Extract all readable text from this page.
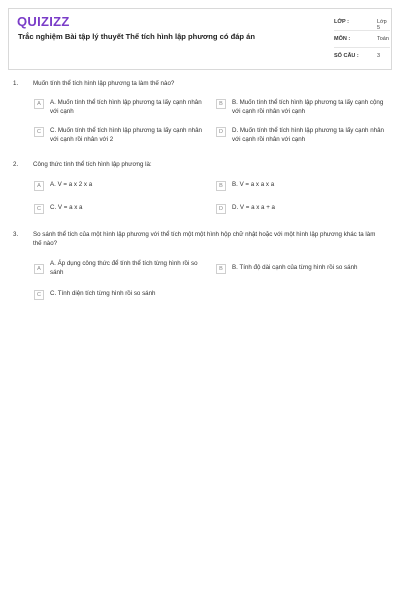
QUIZIZZ
Trắc nghiệm Bài tập lý thuyết Thể tích hình lập phương có đáp án
LỚP :	Lớp 5
MÔN :	Toán
SỐ CÂU :	3
1. Muốn tính thể tích hình lập phương ta làm thế nào?
A	A. Muốn tính thể tích hình lập phương ta lấy cạnh nhân với cạnh
B	B. Muốn tính thể tích hình lập phương ta lấy cạnh cộng với cạnh rồi nhân với cạnh
C	C. Muốn tính thể tích hình lập phương ta lấy cạnh nhân với cạnh rồi nhân với 2
D	D. Muốn tính thể tích hình lập phương ta lấy cạnh nhân với cạnh rồi nhân với cạnh
2. Công thức tính thể tích hình lập phương là:
A	A. V = a x 2 x a	B	B. V = a x a x a
C	C. V = a x a	D	D. V = a x a + a
3. So sánh thể tích của một hình lập phương với thể tích một một hình hộp chữ nhật hoặc với một hình lập phương khác ta làm thế nào?
A
A. Áp dụng công thức để tính thể tích từng hình rồi so sánh	B	B. Tính độ dài cạnh của từng hình rồi so sánh
C	C. Tính diện tích từng hình rồi so sánh
